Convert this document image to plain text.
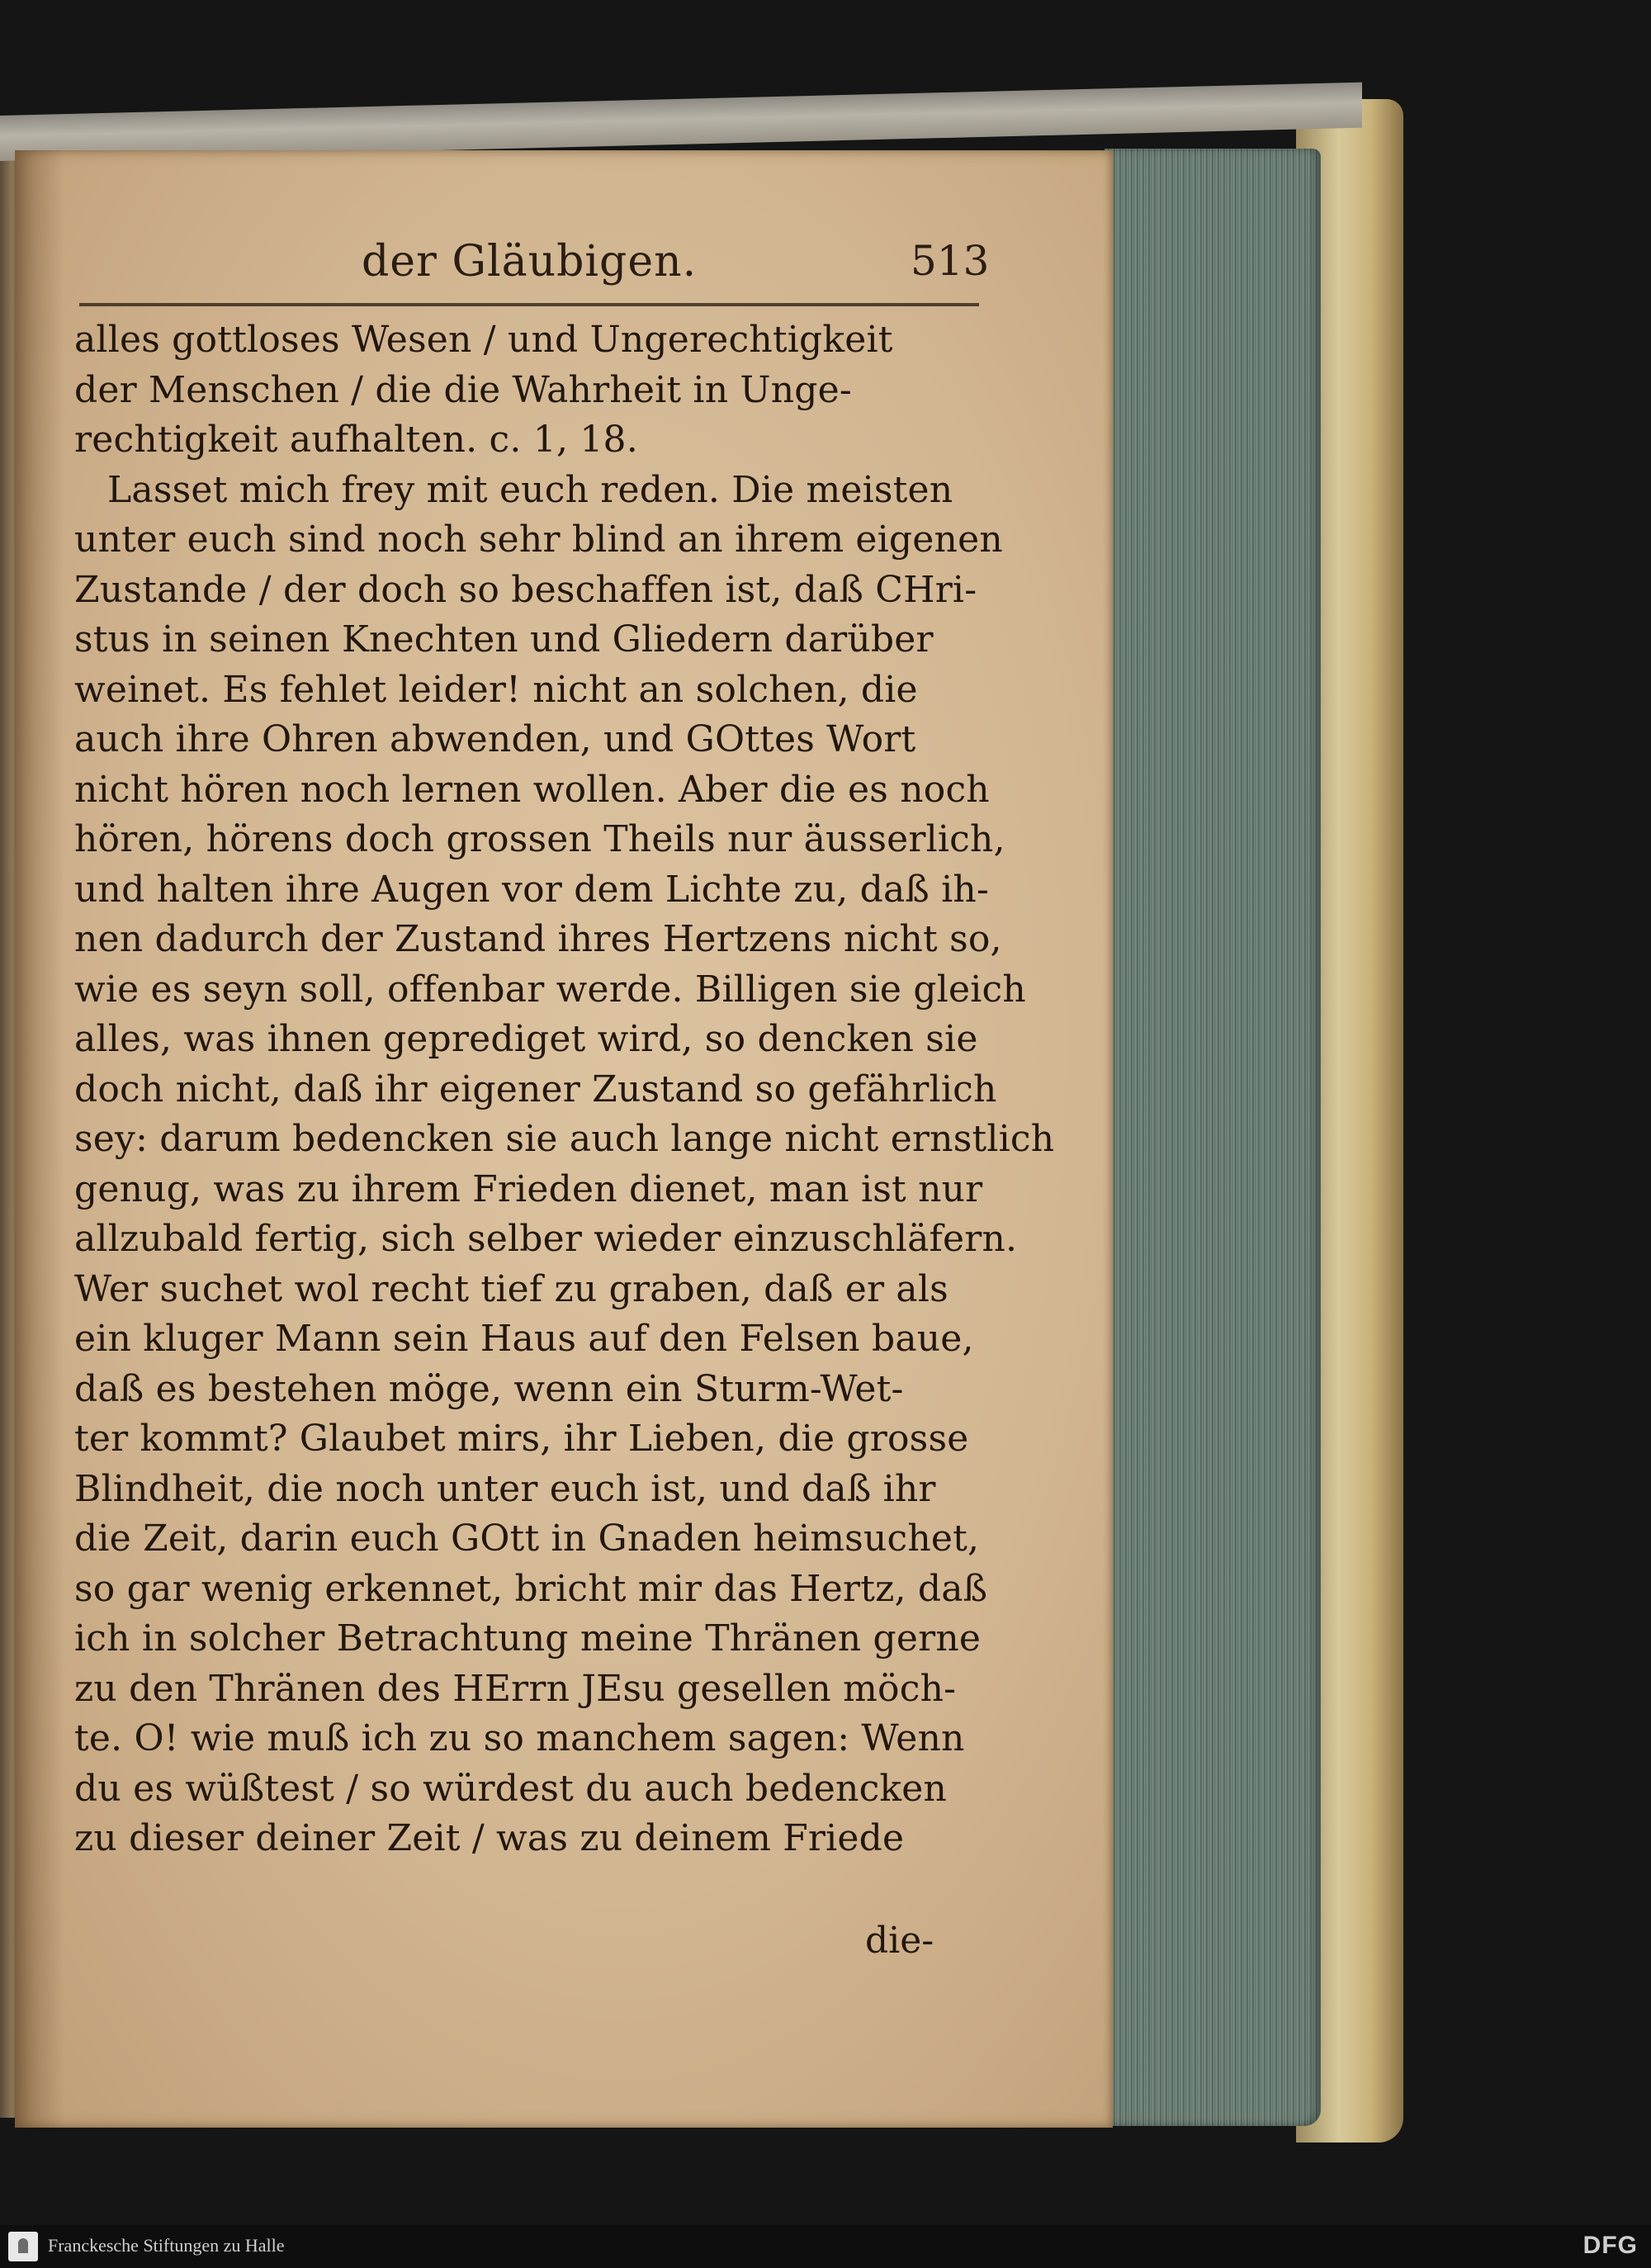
der Gläubigen.	513
alles gottloses Wesen / und Ungerechtigkeit
der Menschen / die die Wahrheit in Unge-
rechtigkeit aufhalten. c. 1, 18.
Lasset mich frey mit euch reden. Die meisten
unter euch sind noch sehr blind an ihrem eigenen
Zustande / der doch so beschaffen ist, daß CHri-
stus in seinen Knechten und Gliedern darüber
weinet. Es fehlet leider! nicht an solchen, die
auch ihre Ohren abwenden, und GOttes Wort
nicht hören noch lernen wollen. Aber die es noch
hören, hörens doch grossen Theils nur äusserlich,
und halten ihre Augen vor dem Lichte zu, daß ih-
nen dadurch der Zustand ihres Hertzens nicht so,
wie es seyn soll, offenbar werde. Billigen sie gleich
alles, was ihnen geprediget wird, so dencken sie
doch nicht, daß ihr eigener Zustand so gefährlich
sey: darum bedencken sie auch lange nicht ernstlich
genug, was zu ihrem Frieden dienet, man ist nur
allzubald fertig, sich selber wieder einzuschläfern.
Wer suchet wol recht tief zu graben, daß er als
ein kluger Mann sein Haus auf den Felsen baue,
daß es bestehen möge, wenn ein Sturm-Wet-
ter kommt? Glaubet mirs, ihr Lieben, die grosse
Blindheit, die noch unter euch ist, und daß ihr
die Zeit, darin euch GOtt in Gnaden heimsuchet,
so gar wenig erkennet, bricht mir das Hertz, daß
ich in solcher Betrachtung meine Thränen gerne
zu den Thränen des HErrn JEsu gesellen möch-
te. O! wie muß ich zu so manchem sagen: Wenn
du es wüßtest / so würdest du auch bedencken
zu dieser deiner Zeit / was zu deinem Friede
die-
Franckesche Stiftungen zu Halle	DFG
